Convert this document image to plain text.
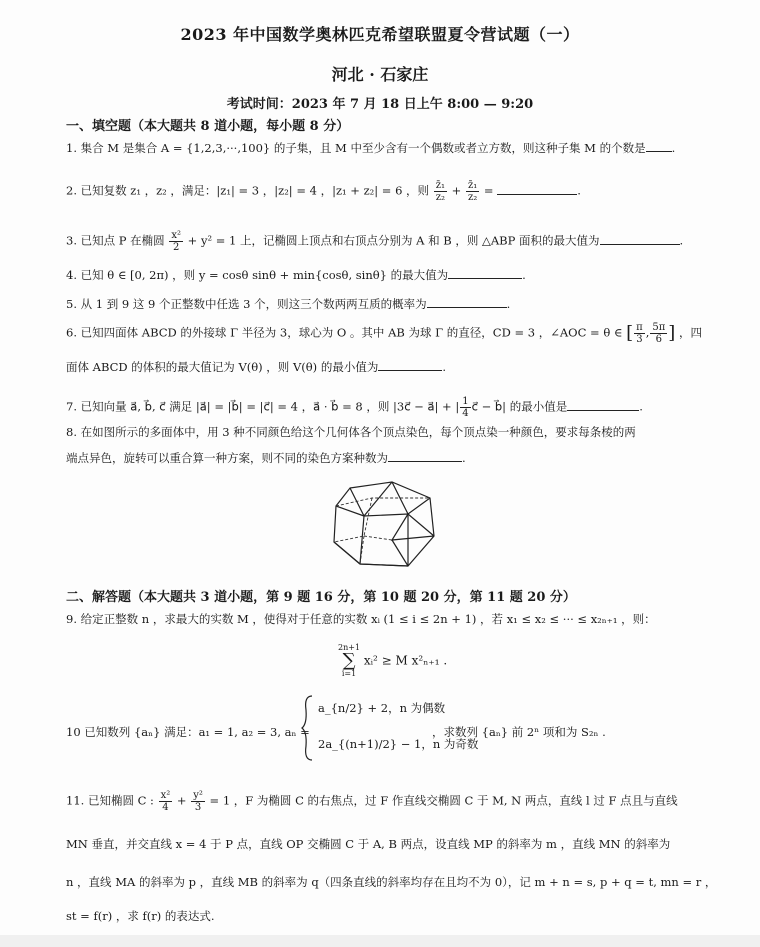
2023 年中国数学奥林匹克希望联盟夏令营试题（一）
河北 · 石家庄
考试时间：2023 年 7 月 18 日上午 8:00 — 9:20
一、填空题（本大题共 8 道小题，每小题 8 分）
1. 集合 M 是集合 A = {1,2,3,···,100} 的子集，且 M 中至少含有一个偶数或者立方数，则这种子集 M 的个数是 .
2. 已知复数 z₁ ，z₂ ，满足：|z₁| = 3 ，|z₂| = 4 ，|z₁ + z₂| = 6 ，则 $\frac{\text{z̄₁}}{\text{z₂}} + \frac{\text{z̄₁}}{\text{z₂}}$ =	.
3. 已知点 P 在椭圆 $\frac{\text{x²}}{2} + y^2 = 1$ 上，记椭圆上顶点和右顶点分别为 A 和 B ，则 △ABP 面积的最大值为	.
4. 已知 θ ∈ [0, 2π) ，则 y = cosθ sinθ + min{cosθ, sinθ} 的最大值为	.
5. 从 1 到 9 这 9 个正整数中任选 3 个，则这三个数两两互质的概率为	.
6. 已知四面体 ABCD 的外接球 Γ 半径为 3，球心为 O 。其中 AB 为球 Γ 的直径，CD = 3 ，∠AOC = θ ∈ [ $\frac{\pi}{3}$ , $\frac{5\pi}{6}$ ] ，四
面体 ABCD 的体积的最大值记为 V(θ) ，则 V(θ) 的最小值为	.
7. 已知向量 a⃗, b⃗, c⃗ 满足 |a⃗| = |b⃗| = |c⃗| = 4 ，a⃗ · b⃗ = 8 ，则 |3c⃗ − a⃗| + | $\frac{1}{4}$ c⃗ − b⃗| 的最小值是	.
8. 在如图所示的多面体中，用 3 种不同颜色给这个几何体各个顶点染色，每个顶点染一种颜色，要求每条棱的两
端点异色，旋转可以重合算一种方案，则不同的染色方案种数为	.
二、解答题（本大题共 3 道小题，第 9 题 16 分，第 10 题 20 分，第 11 题 20 分）
9. 给定正整数 n ，求最大的实数 M ，使得对于任意的实数 xᵢ (1 ≤ i ≤ 2n + 1) ，若 x₁ ≤ x₂ ≤ ··· ≤ x₂ₙ₊₁ ，则：
2n+1
∑
i=1
xᵢ² ≥ M x²ₙ₊₁ .
10 已知数列 {aₙ} 满足：a₁ = 1, a₂ = 3, aₙ =
a_{n/2} + 2，n 为偶数
2a_{(n+1)/2} − 1，n 为奇数
，求数列 {aₙ} 前 2ⁿ 项和为 S₂ₙ .
11. 已知椭圆 C : $\frac{\text{x²}}{4} + \frac{\text{y²}}{3} = 1$ ，F 为椭圆 C 的右焦点，过 F 作直线交椭圆 C 于 M, N 两点，直线 l 过 F 点且与直线
MN 垂直，并交直线 x = 4 于 P 点，直线 OP 交椭圆 C 于 A, B 两点，设直线 MP 的斜率为 m ，直线 MN 的斜率为
n ，直线 MA 的斜率为 p ，直线 MB 的斜率为 q（四条直线的斜率均存在且均不为 0），记 m + n = s, p + q = t, mn = r ，
st = f(r) ，求 f(r) 的表达式.
